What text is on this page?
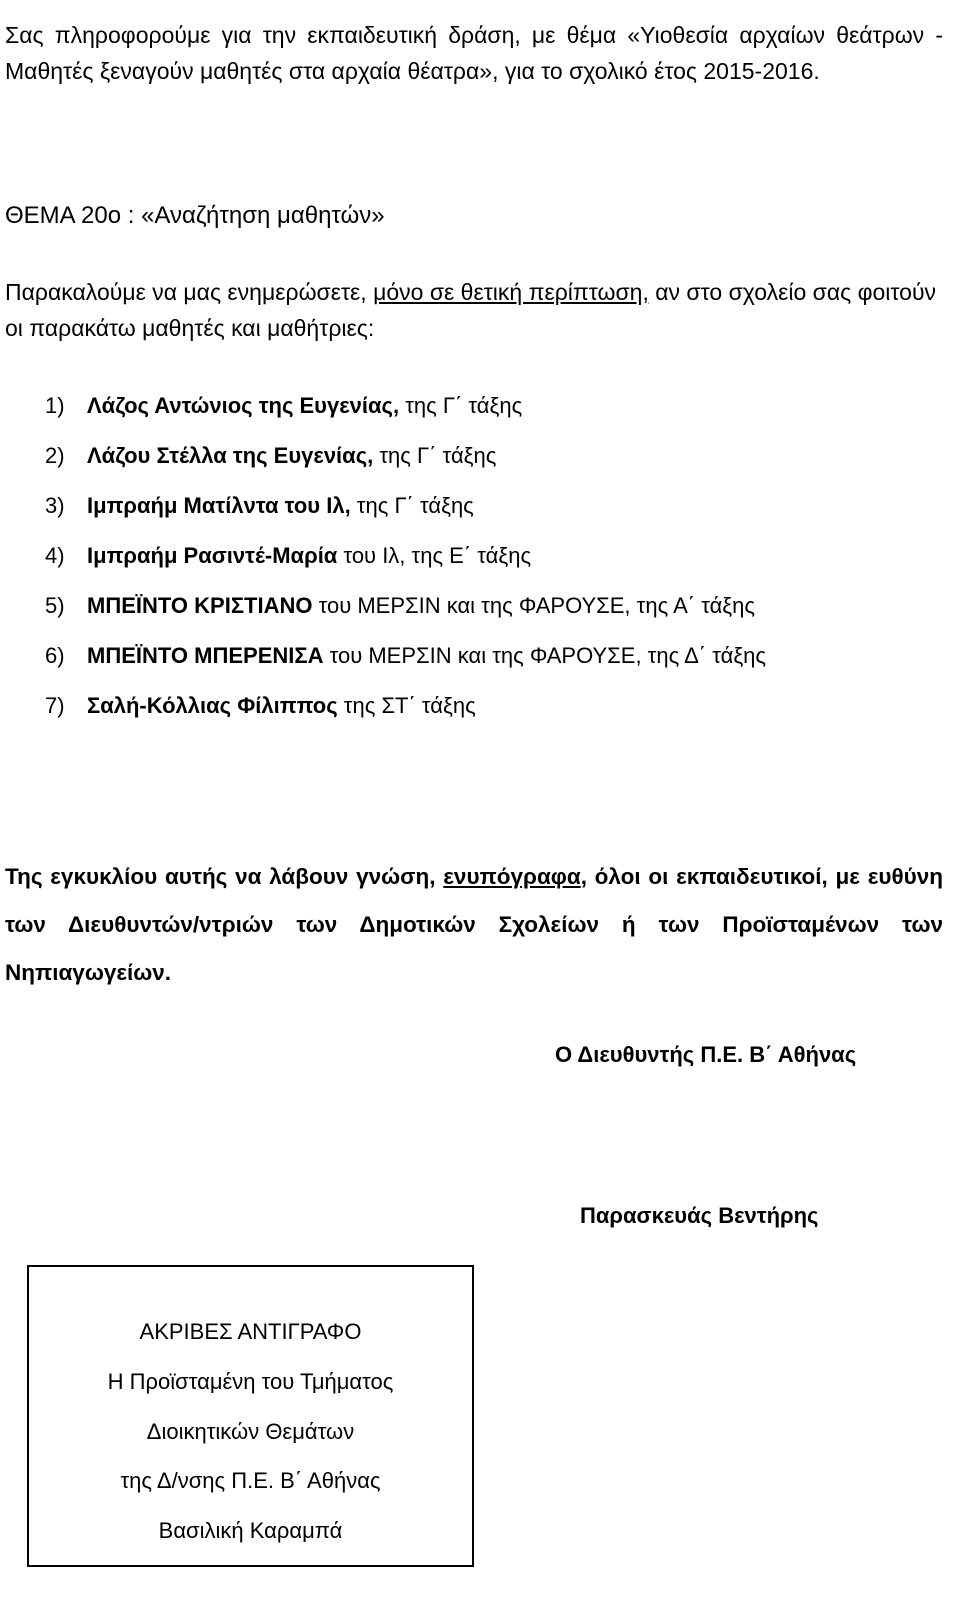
Σας πληροφορούμε για την εκπαιδευτική δράση, με θέμα «Υιοθεσία αρχαίων θεάτρων - Μαθητές ξεναγούν μαθητές στα αρχαία θέατρα», για το σχολικό έτος 2015-2016.

ΘΕΜΑ 20ο : «Αναζήτηση μαθητών»
Παρακαλούμε να μας ενημερώσετε, μόνο σε θετική περίπτωση, αν στο σχολείο σας φοιτούν οι παρακάτω μαθητές και μαθήτριες:
1) Λάζος Αντώνιος της Ευγενίας, της Γ΄ τάξης
2) Λάζου Στέλλα της Ευγενίας, της Γ΄ τάξης
3) Ιμπραήμ Ματίλντα του Ιλ, της Γ΄ τάξης
4) Ιμπραήμ Ρασιντέ-Μαρία του Ιλ, της Ε΄ τάξης
5) ΜΠΕΪΝΤΟ ΚΡΙΣΤΙΑΝΟ του ΜΕΡΣΙΝ και της ΦΑΡΟΥΣΕ, της Α΄ τάξης
6) ΜΠΕΪΝΤΟ ΜΠΕΡΕΝΙΣΑ του ΜΕΡΣΙΝ και της ΦΑΡΟΥΣΕ, της Δ΄ τάξης
7) Σαλή-Κόλλιας Φίλιππος της ΣΤ΄ τάξης
Της εγκυκλίου αυτής να λάβουν γνώση, ενυπόγραφα, όλοι οι εκπαιδευτικοί, με ευθύνη των Διευθυντών/ντριών των Δημοτικών Σχολείων ή των Προϊσταμένων των Νηπιαγωγείων.
Ο Διευθυντής Π.Ε. Β΄ Αθήνας
Παρασκευάς Βεντήρης
ΑΚΡΙΒΕΣ ΑΝΤΙΓΡΑΦΟ
Η Προϊσταμένη του Τμήματος
Διοικητικών Θεμάτων
της Δ/νσης Π.Ε. Β΄ Αθήνας
Βασιλική Καραμπά
